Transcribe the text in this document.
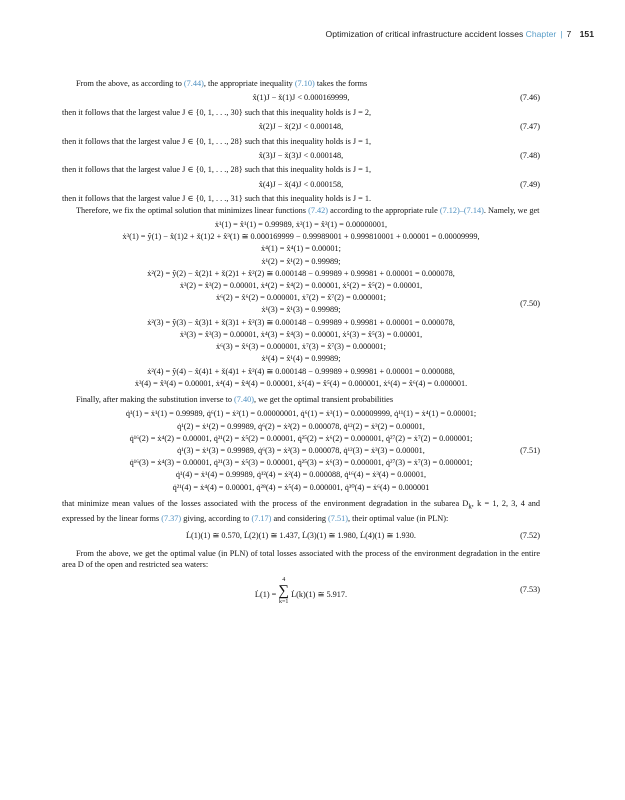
Optimization of critical infrastructure accident losses Chapter | 7 151

From the above, as according to (7.44), the appropriate inequality (7.10) takes the forms

x̂(1)J − x̌(1)J < 0.000169999,	(7.46)

then it follows that the largest value J ∈ {0, 1, . . ., 30} such that this inequality holds is J = 2,

x̂(2)J − x̌(2)J < 0.000148,	(7.47)

then it follows that the largest value J ∈ {0, 1, . . ., 28} such that this inequality holds is J = 1,

x̂(3)J − x̌(3)J < 0.000148,	(7.48)

then it follows that the largest value J ∈ {0, 1, . . ., 28} such that this inequality holds is J = 1,

x̂(4)J − x̌(4)J < 0.000158,	(7.49)

then it follows that the largest value J ∈ {0, 1, . . ., 31} such that this inequality holds is J = 1.

Therefore, we fix the optimal solution that minimizes linear functions (7.42) according to the appropriate rule (7.12)–(7.14). Namely, we get

ẋ¹(1) = x̂¹(1) = 0.99989, ẋ²(1) = x̂²(1) = 0.00000001,
ẋ³(1) = ŷ(1) − x̂(1)2 + x̌(1)2 + x̂³(1) ≅ 0.000169999 − 0.99989001 + 0.999810001 + 0.00001 = 0.00009999,
ẋ⁴(1) = x̂⁴(1) = 0.00001;
ẋ¹(2) = x̂¹(2) = 0.99989;
ẋ²(2) = ŷ(2) − x̂(2)1 + x̌(2)1 + x̂²(2) ≅ 0.000148 − 0.99989 + 0.99981 + 0.00001 = 0.000078,
ẋ³(2) = x̂³(2) = 0.00001, ẋ⁴(2) = x̂⁴(2) = 0.00001, ẋ⁵(2) = x̂⁵(2) = 0.00001,
ẋ⁶(2) = x̂⁶(2) = 0.000001, ẋ⁷(2) = x̂⁷(2) = 0.000001;
ẋ¹(3) = x̂¹(3) = 0.99989;
ẋ²(3) = ŷ(3) − x̂(3)1 + x̌(3)1 + x̂²(3) ≅ 0.000148 − 0.99989 + 0.99981 + 0.00001 = 0.000078,
ẋ³(3) = x̂³(3) = 0.00001, ẋ⁴(3) = x̂⁴(3) = 0.00001, ẋ⁵(3) = x̂⁵(3) = 0.00001,
ẋ⁶(3) = x̂⁶(3) = 0.000001, ẋ⁷(3) = x̂⁷(3) = 0.000001;
ẋ¹(4) = x̂¹(4) = 0.99989;
ẋ²(4) = ŷ(4) − x̂(4)1 + x̌(4)1 + x̂²(4) ≅ 0.000148 − 0.99989 + 0.99981 + 0.00001 = 0.000088,
ẋ³(4) = x̂³(4) = 0.00001, ẋ⁴(4) = x̂⁴(4) = 0.00001, ẋ⁵(4) = x̂⁵(4) = 0.000001, ẋ⁶(4) = x̂⁶(4) = 0.000001.
(7.50)

Finally, after making the substitution inverse to (7.40), we get the optimal transient probabilities

q̇¹(1) = ẋ¹(1) = 0.99989, q̇⁶(1) = ẋ²(1) = 0.00000001, q̇⁶(1) = ẋ³(1) = 0.00009999, q̇¹¹(1) = ẋ⁴(1) = 0.00001;
q̇¹(2) = ẋ¹(2) = 0.99989, q̇⁶(2) = ẋ²(2) = 0.000078, q̇¹²(2) = ẋ³(2) = 0.00001,
q̇¹⁶(2) = ẋ⁴(2) = 0.00001, q̇²¹(2) = ẋ⁵(2) = 0.00001, q̇²⁵(2) = ẋ⁶(2) = 0.000001, q̇²⁷(2) = ẋ⁷(2) = 0.000001;
q̇¹(3) = ẋ¹(3) = 0.99989, q̇⁶(3) = ẋ²(3) = 0.000078, q̇¹²(3) = ẋ³(3) = 0.00001,
q̇¹⁶(3) = ẋ⁴(3) = 0.00001, q̇²¹(3) = ẋ⁵(3) = 0.00001, q̇²⁵(3) = ẋ⁶(3) = 0.000001, q̇²⁷(3) = ẋ⁷(3) = 0.000001;
q̇¹(4) = ẋ¹(4) = 0.99989, q̇¹²(4) = ẋ²(4) = 0.000088, q̇¹⁶(4) = ẋ³(4) = 0.00001,
q̇²¹(4) = ẋ⁴(4) = 0.00001, q̇²⁸(4) = ẋ⁵(4) = 0.000001, q̇³⁰(4) = ẋ⁶(4) = 0.000001
(7.51)

that minimize mean values of the losses associated with the process of the environment degradation in the subarea $D_k$, k = 1, 2, 3, 4 and expressed by the linear forms (7.37) giving, according to (7.17) and considering (7.51), their optimal value (in PLN):

L̇(1)(1) ≅ 0.570, L̇(2)(1) ≅ 1.437, L̇(3)(1) ≅ 1.980, L̇(4)(1) ≅ 1.930.	(7.52)

From the above, we get the optimal value (in PLN) of total losses associated with the process of the environment degradation in the entire area D of the open and restricted sea waters:

L̇(1) =
4
∑
k=1
L̇(k)(1) ≅ 5.917.
(7.53)
